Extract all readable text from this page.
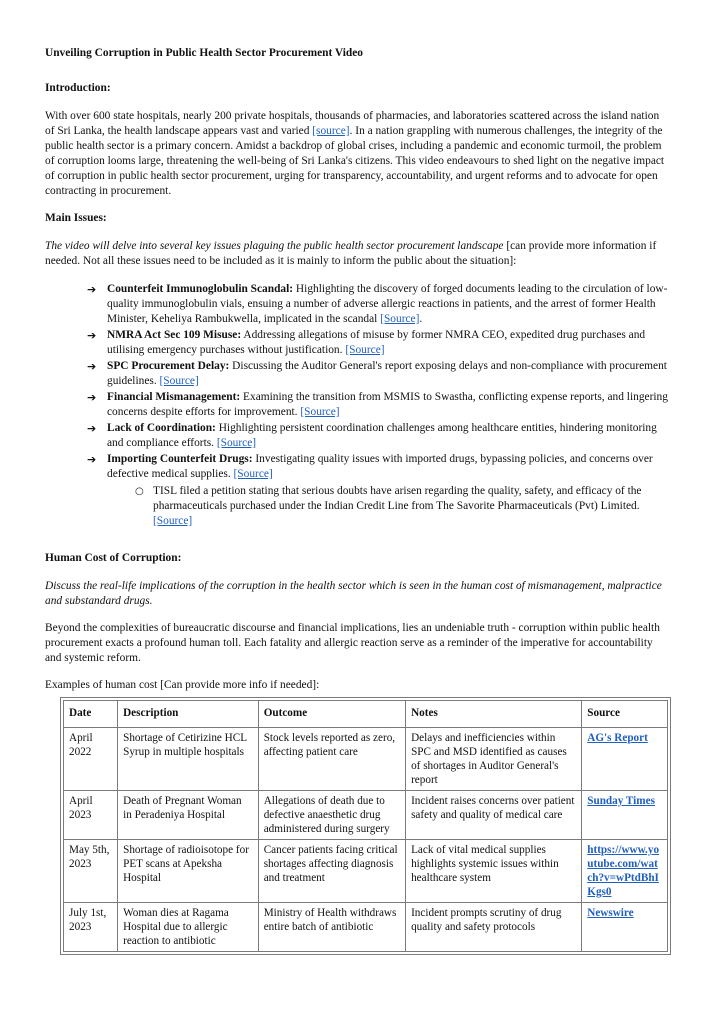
Unveiling Corruption in Public Health Sector Procurement Video

Introduction:

With over 600 state hospitals, nearly 200 private hospitals, thousands of pharmacies, and laboratories scattered across the island nation of Sri Lanka, the health landscape appears vast and varied [source]. In a nation grappling with numerous challenges, the integrity of the public health sector is a primary concern. Amidst a backdrop of global crises, including a pandemic and economic turmoil, the problem of corruption looms large, threatening the well-being of Sri Lanka's citizens. This video endeavours to shed light on the negative impact of corruption in public health sector procurement, urging for transparency, accountability, and urgent reforms and to advocate for open contracting in procurement.

Main Issues:

The video will delve into several key issues plaguing the public health sector procurement landscape [can provide more information if needed. Not all these issues need to be included as it is mainly to inform the public about the situation]:

➔ Counterfeit Immunoglobulin Scandal: Highlighting the discovery of forged documents leading to the circulation of low-quality immunoglobulin vials, ensuing a number of adverse allergic reactions in patients, and the arrest of former Health Minister, Keheliya Rambukwella, implicated in the scandal [Source].
➔ NMRA Act Sec 109 Misuse: Addressing allegations of misuse by former NMRA CEO, expedited drug purchases and utilising emergency purchases without justification. [Source]
➔ SPC Procurement Delay: Discussing the Auditor General's report exposing delays and non-compliance with procurement guidelines. [Source]
➔ Financial Mismanagement: Examining the transition from MSMIS to Swastha, conflicting expense reports, and lingering concerns despite efforts for improvement. [Source]
➔ Lack of Coordination: Highlighting persistent coordination challenges among healthcare entities, hindering monitoring and compliance efforts. [Source]
➔ Importing Counterfeit Drugs: Investigating quality issues with imported drugs, bypassing policies, and concerns over defective medical supplies. [Source]
○ TISL filed a petition stating that serious doubts have arisen regarding the quality, safety, and efficacy of the pharmaceuticals purchased under the Indian Credit Line from The Savorite Pharmaceuticals (Pvt) Limited. [Source]

Human Cost of Corruption:

Discuss the real-life implications of the corruption in the health sector which is seen in the human cost of mismanagement, malpractice and substandard drugs.

Beyond the complexities of bureaucratic discourse and financial implications, lies an undeniable truth - corruption within public health procurement exacts a profound human toll. Each fatality and allergic reaction serve as a reminder of the imperative for accountability and systemic reform.

Examples of human cost [Can provide more info if needed]:

Date	Description	Outcome	Notes	Source
April 2022	Shortage of Cetirizine HCL Syrup in multiple hospitals	Stock levels reported as zero, affecting patient care	Delays and inefficiencies within SPC and MSD identified as causes of shortages in Auditor General's report	AG's Report
April 2023	Death of Pregnant Woman in Peradeniya Hospital	Allegations of death due to defective anaesthetic drug administered during surgery	Incident raises concerns over patient safety and quality of medical care	Sunday Times
May 5th, 2023	Shortage of radioisotope for PET scans at Apeksha Hospital	Cancer patients facing critical shortages affecting diagnosis and treatment	Lack of vital medical supplies highlights systemic issues within healthcare system	https://www.youtube.com/watch?v=wPtdBhIKgs0
July 1st, 2023	Woman dies at Ragama Hospital due to allergic reaction to antibiotic	Ministry of Health withdraws entire batch of antibiotic	Incident prompts scrutiny of drug quality and safety protocols	Newswire
